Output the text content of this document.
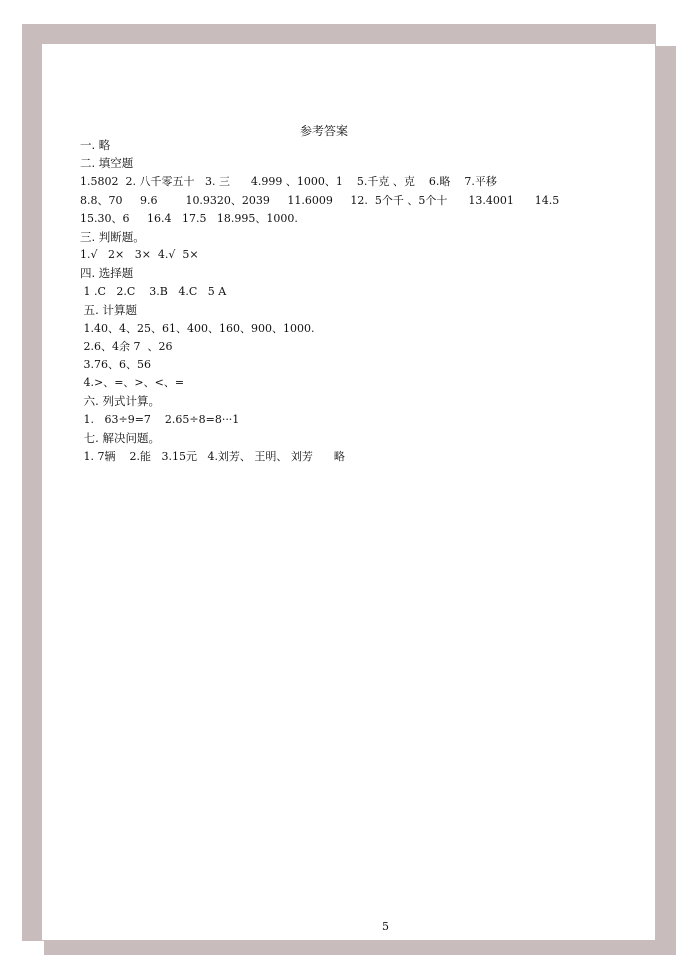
参考答案
一. 略
二. 填空题
1.5802  2. 八千零五十   3. 三      4.999 、1000、1    5.千克 、克    6.略    7.平移
8.8、70     9.6        10.9320、2039     11.6009     12.  5个千 、5个十      13.4001      14.5
15.30、6     16.4   17.5   18.995、1000.
三. 判断题。
1.√   2×   3×  4.√  5×
四. 选择题
1 .C   2.C    3.B   4.C   5 A
五. 计算题
1.40、4、25、61、400、160、900、1000.
2.6、4余 7  、26
3.76、6、56
4.>、=、>、<、=
六. 列式计算。
1.   63÷9=7    2.65÷8=8···1
七. 解决问题。
1. 7辆    2.能   3.15元   4.刘芳、 王明、 刘芳      略
5
